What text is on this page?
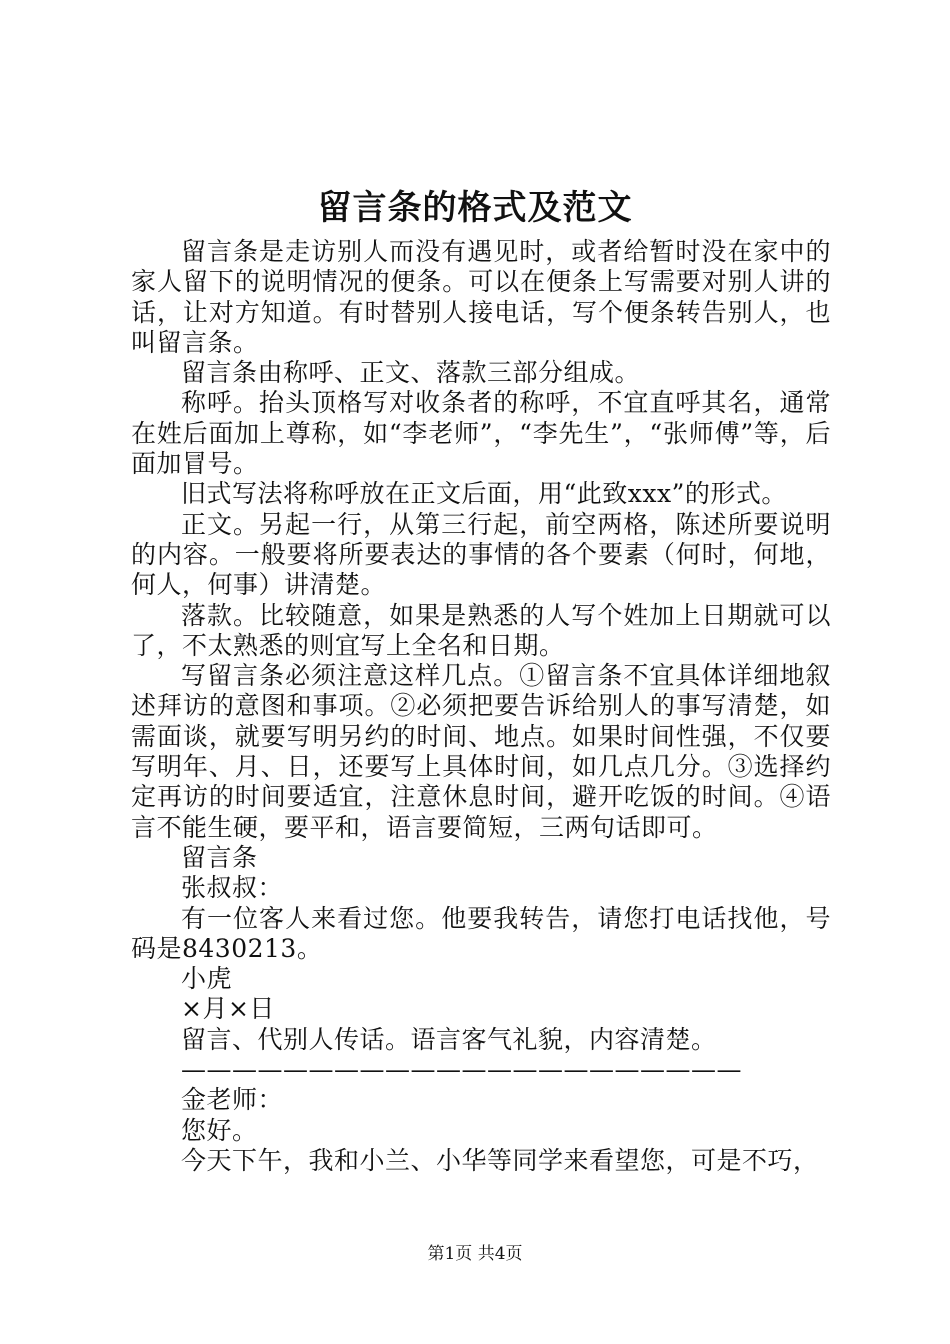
留言条的格式及范文

留言条是走访别人而没有遇见时，或者给暂时没在家中的家人留下的说明情况的便条。可以在便条上写需要对别人讲的话，让对方知道。有时替别人接电话，写个便条转告别人，也叫留言条。

留言条由称呼、正文、落款三部分组成。

称呼。抬头顶格写对收条者的称呼，不宜直呼其名，通常在姓后面加上尊称，如“李老师”，“李先生”，“张师傅”等，后面加冒号。

旧式写法将称呼放在正文后面，用“此致xxx”的形式。

正文。另起一行，从第三行起，前空两格，陈述所要说明的内容。一般要将所要表达的事情的各个要素（何时，何地，何人，何事）讲清楚。

落款。比较随意，如果是熟悉的人写个姓加上日期就可以了，不太熟悉的则宜写上全名和日期。

写留言条必须注意这样几点。①留言条不宜具体详细地叙述拜访的意图和事项。②必须把要告诉给别人的事写清楚，如需面谈，就要写明另约的时间、地点。如果时间性强，不仅要写明年、月、日，还要写上具体时间，如几点几分。③选择约定再访的时间要适宜，注意休息时间，避开吃饭的时间。④语言不能生硬，要平和，语言要简短，三两句话即可。

留言条

张叔叔：

有一位客人来看过您。他要我转告，请您打电话找他，号码是8430213。

小虎

×月×日

留言、代别人传话。语言客气礼貌，内容清楚。

——————————————————————

金老师：

您好。

今天下午，我和小兰、小华等同学来看望您，可是不巧，

第1页 共4页
